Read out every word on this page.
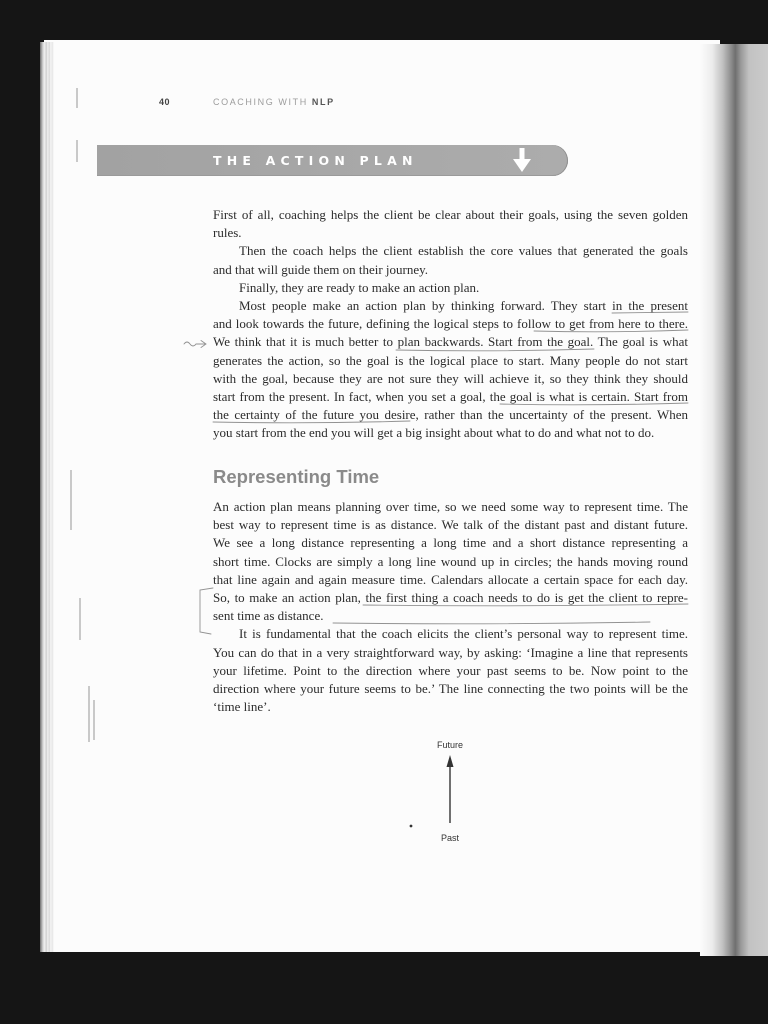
40	COACHING WITH NLP
THE ACTION PLAN
First of all, coaching helps the client be clear about their goals, using the seven golden
rules.
Then the coach helps the client establish the core values that generated the goals
and that will guide them on their journey.
Finally, they are ready to make an action plan.
Most people make an action plan by thinking forward. They start in the present
and look towards the future, defining the logical steps to follow to get from here to there.
We think that it is much better to plan backwards. Start from the goal. The goal is what
generates the action, so the goal is the logical place to start. Many people do not start
with the goal, because they are not sure they will achieve it, so they think they should
start from the present. In fact, when you set a goal, the goal is what is certain. Start from
the certainty of the future you desire, rather than the uncertainty of the present. When
you start from the end you will get a big insight about what to do and what not to do.
Representing Time
An action plan means planning over time, so we need some way to represent time. The
best way to represent time is as distance. We talk of the distant past and distant future.
We see a long distance representing a long time and a short distance representing a
short time. Clocks are simply a long line wound up in circles; the hands moving round
that line again and again measure time. Calendars allocate a certain space for each day.
So, to make an action plan, the first thing a coach needs to do is get the client to repre-
sent time as distance.
It is fundamental that the coach elicits the client’s personal way to represent time.
You can do that in a very straightforward way, by asking: ‘Imagine a line that represents
your lifetime. Point to the direction where your past seems to be. Now point to the
direction where your future seems to be.’ The line connecting the two points will be the
‘time line’.
Future
Past
